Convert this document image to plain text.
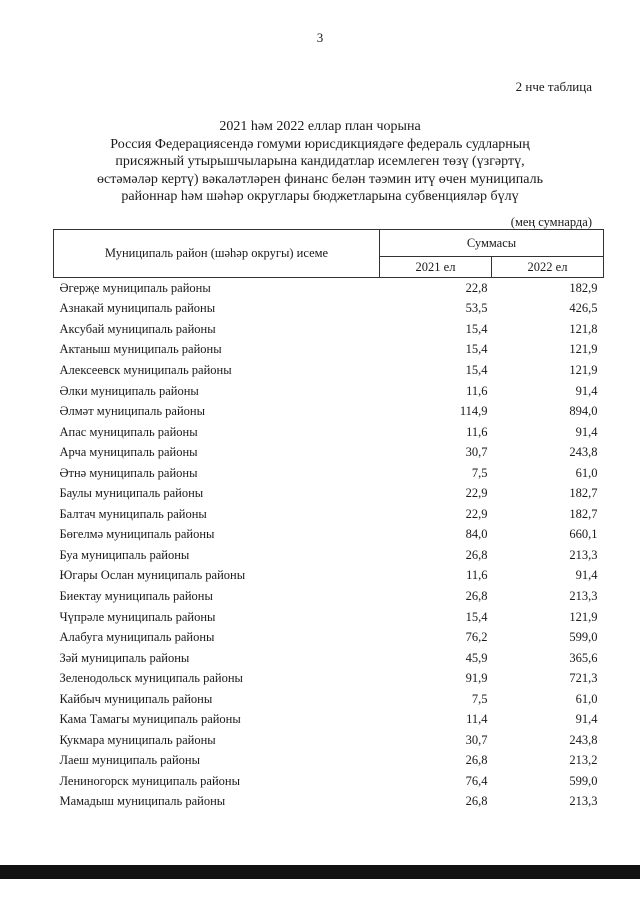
3
2 нче таблица
2021 һәм 2022 еллар план чорына
Россия Федерациясендә гомуми юрисдикциядәге федераль судларның
присяжный утырышчыларына кандидатлар исемлеген төзү (үзгәртү,
өстәмәләр кертү) вәкаләтләрен финанс белән тәэмин итү өчен муниципаль
районнар һәм шәһәр округлары бюджетларына субвенцияләр бүлү
(мең сумнарда)
Муниципаль район (шәһәр округы) исеме	Суммасы	
	2021 ел	2022 ел
Әгерҗе муниципаль районы	22,8	182,9
Азнакай муниципаль районы	53,5	426,5
Аксубай муниципаль районы	15,4	121,8
Актаныш муниципаль районы	15,4	121,9
Алексеевск муниципаль районы	15,4	121,9
Әлки муниципаль районы	11,6	91,4
Әлмәт муниципаль районы	114,9	894,0
Апас муниципаль районы	11,6	91,4
Арча муниципаль районы	30,7	243,8
Әтнә муниципаль районы	7,5	61,0
Баулы муниципаль районы	22,9	182,7
Балтач муниципаль районы	22,9	182,7
Бөгелмә муниципаль районы	84,0	660,1
Буа муниципаль районы	26,8	213,3
Югары Ослан муниципаль районы	11,6	91,4
Биектау муниципаль районы	26,8	213,3
Чүпрәле муниципаль районы	15,4	121,9
Алабуга муниципаль районы	76,2	599,0
Зәй муниципаль районы	45,9	365,6
Зеленодольск муниципаль районы	91,9	721,3
Кайбыч муниципаль районы	7,5	61,0
Кама Тамагы муниципаль районы	11,4	91,4
Кукмара муниципаль районы	30,7	243,8
Лаеш муниципаль районы	26,8	213,2
Лениногорск муниципаль районы	76,4	599,0
Мамадыш муниципаль районы	26,8	213,3
